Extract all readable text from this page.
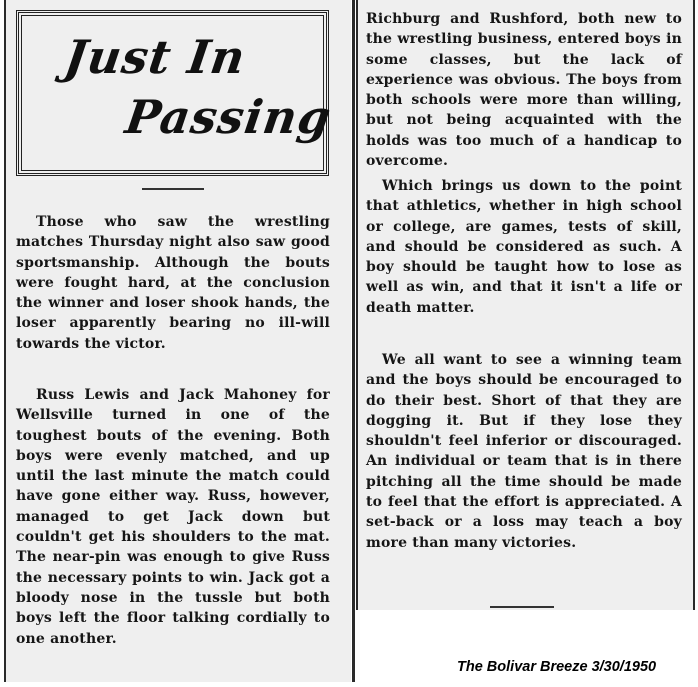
Just In
Passing

Those who saw the wrestling matches Thursday night also saw good sportsmanship. Although the bouts were fought hard, at the conclusion the winner and loser shook hands, the loser apparently bearing no ill-will towards the victor.

Russ Lewis and Jack Mahoney for Wellsville turned in one of the toughest bouts of the evening. Both boys were evenly matched, and up until the last minute the match could have gone either way. Russ, however, managed to get Jack down but couldn't get his shoulders to the mat. The near-pin was enough to give Russ the necessary points to win. Jack got a bloody nose in the tussle but both boys left the floor talking cordially to one another.

Richburg and Rushford, both new to the wrestling business, entered boys in some classes, but the lack of experience was obvious. The boys from both schools were more than willing, but not being acquainted with the holds was too much of a handicap to overcome.

Which brings us down to the point that athletics, whether in high school or college, are games, tests of skill, and should be considered as such. A boy should be taught how to lose as well as win, and that it isn't a life or death matter.

We all want to see a winning team and the boys should be encouraged to do their best. Short of that they are dogging it. But if they lose they shouldn't feel inferior or discouraged. An individual or team that is in there pitching all the time should be made to feel that the effort is appreciated. A set-back or a loss may teach a boy more than many victories.

The Bolivar Breeze 3/30/1950
